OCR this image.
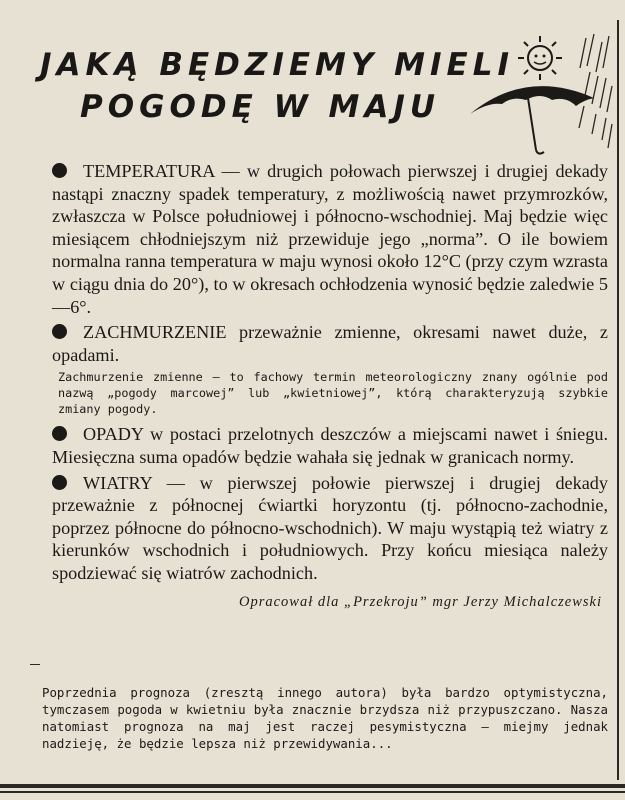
JAKĄ BĘDZIEMY MIELI
POGODĘ W MAJU

TEMPERATURA — w drugich połowach pierwszej i drugiej dekady nastąpi znaczny spadek temperatury, z możliwością nawet przymrozków, zwłaszcza w Polsce południowej i północno-wschodniej. Maj będzie więc miesiącem chłodniejszym niż przewiduje jego „norma”. O ile bowiem normalna ranna temperatura w maju wynosi około 12°C (przy czym wzrasta w ciągu dnia do 20°), to w okresach ochłodzenia wynosić będzie zaledwie 5—6°.

ZACHMURZENIE przeważnie zmienne, okresami nawet duże, z opadami.

Zachmurzenie zmienne — to fachowy termin meteorologiczny znany ogólnie pod nazwą „pogody marcowej” lub „kwietniowej”, którą charakteryzują szybkie zmiany pogody.

OPADY w postaci przelotnych deszczów a miejscami nawet i śniegu. Miesięczna suma opadów będzie wahała się jednak w granicach normy.

WIATRY — w pierwszej połowie pierwszej i drugiej dekady przeważnie z północnej ćwiartki horyzontu (tj. północno-zachodnie, poprzez północne do północno-wschodnich). W maju wystąpią też wiatry z kierunków wschodnich i południowych. Przy końcu miesiąca należy spodziewać się wiatrów zachodnich.

Opracował dla „Przekroju” mgr Jerzy Michalczewski
Poprzednia prognoza (zresztą innego autora) była bardzo optymistyczna, tymczasem pogoda w kwietniu była znacznie brzydsza niż przypuszczano. Nasza natomiast prognoza na maj jest raczej pesymistyczna — miejmy jednak nadzieję, że będzie lepsza niż przewidywania...
